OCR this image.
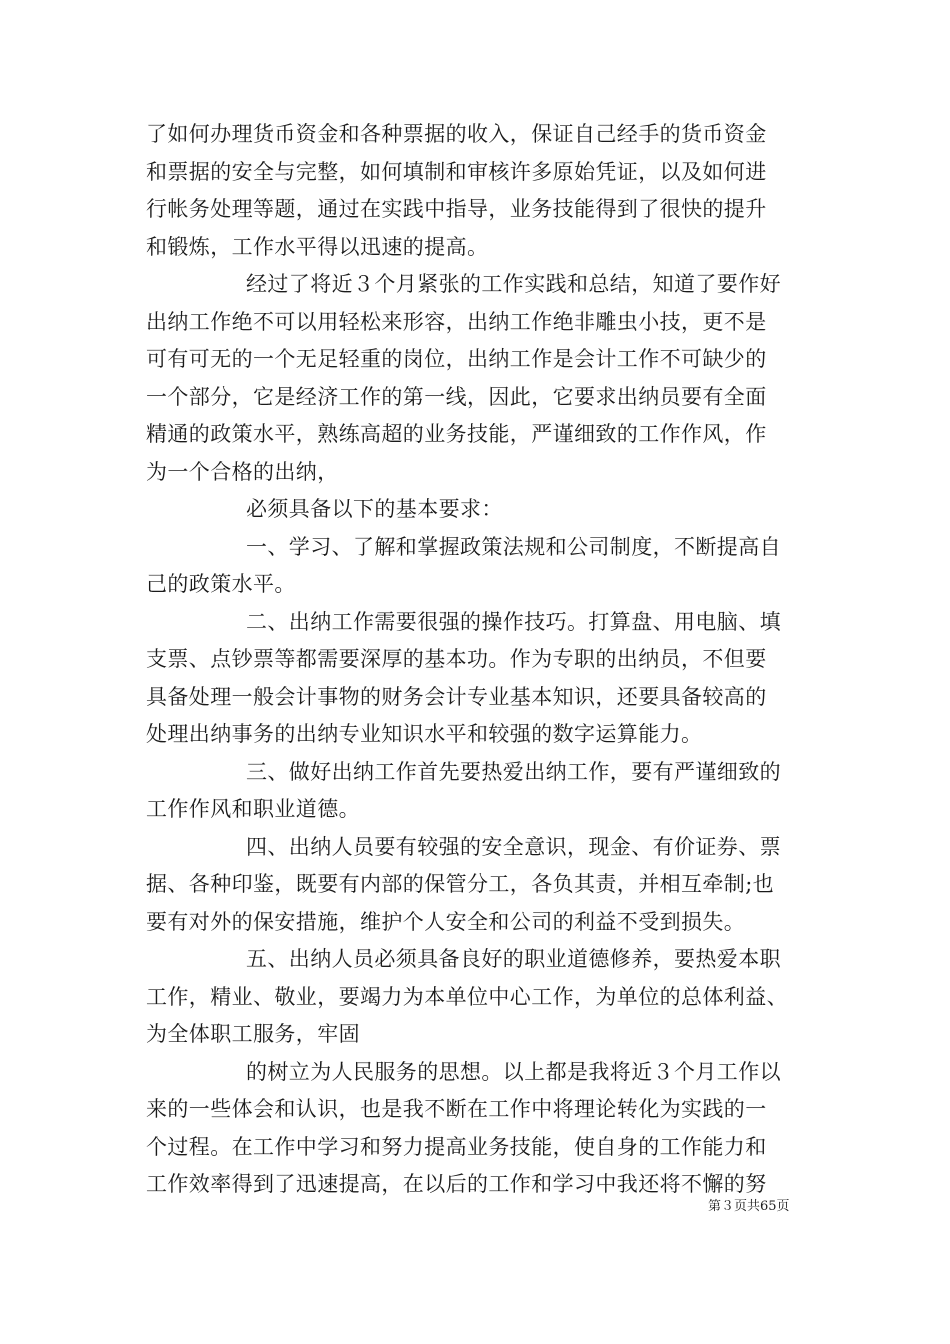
了如何办理货币资金和各种票据的收入，保证自己经手的货币资金
和票据的安全与完整，如何填制和审核许多原始凭证，以及如何进
行帐务处理等题，通过在实践中指导，业务技能得到了很快的提升
和锻炼，工作水平得以迅速的提高。
经过了将近３个月紧张的工作实践和总结，知道了要作好
出纳工作绝不可以用轻松来形容，出纳工作绝非雕虫小技，更不是
可有可无的一个无足轻重的岗位，出纳工作是会计工作不可缺少的
一个部分，它是经济工作的第一线，因此，它要求出纳员要有全面
精通的政策水平，熟练高超的业务技能，严谨细致的工作作风，作
为一个合格的出纳，
必须具备以下的基本要求：
一、学习、了解和掌握政策法规和公司制度，不断提高自
己的政策水平。
二、出纳工作需要很强的操作技巧。打算盘、用电脑、填
支票、点钞票等都需要深厚的基本功。作为专职的出纳员，不但要
具备处理一般会计事物的财务会计专业基本知识，还要具备较高的
处理出纳事务的出纳专业知识水平和较强的数字运算能力。
三、做好出纳工作首先要热爱出纳工作，要有严谨细致的
工作作风和职业道德。
四、出纳人员要有较强的安全意识，现金、有价证券、票
据、各种印鉴，既要有内部的保管分工，各负其责，并相互牵制;也
要有对外的保安措施，维护个人安全和公司的利益不受到损失。
五、出纳人员必须具备良好的职业道德修养，要热爱本职
工作，精业、敬业，要竭力为本单位中心工作，为单位的总体利益、
为全体职工服务，牢固
的树立为人民服务的思想。以上都是我将近３个月工作以
来的一些体会和认识，也是我不断在工作中将理论转化为实践的一
个过程。在工作中学习和努力提高业务技能，使自身的工作能力和
工作效率得到了迅速提高，在以后的工作和学习中我还将不懈的努
第３页共65页
